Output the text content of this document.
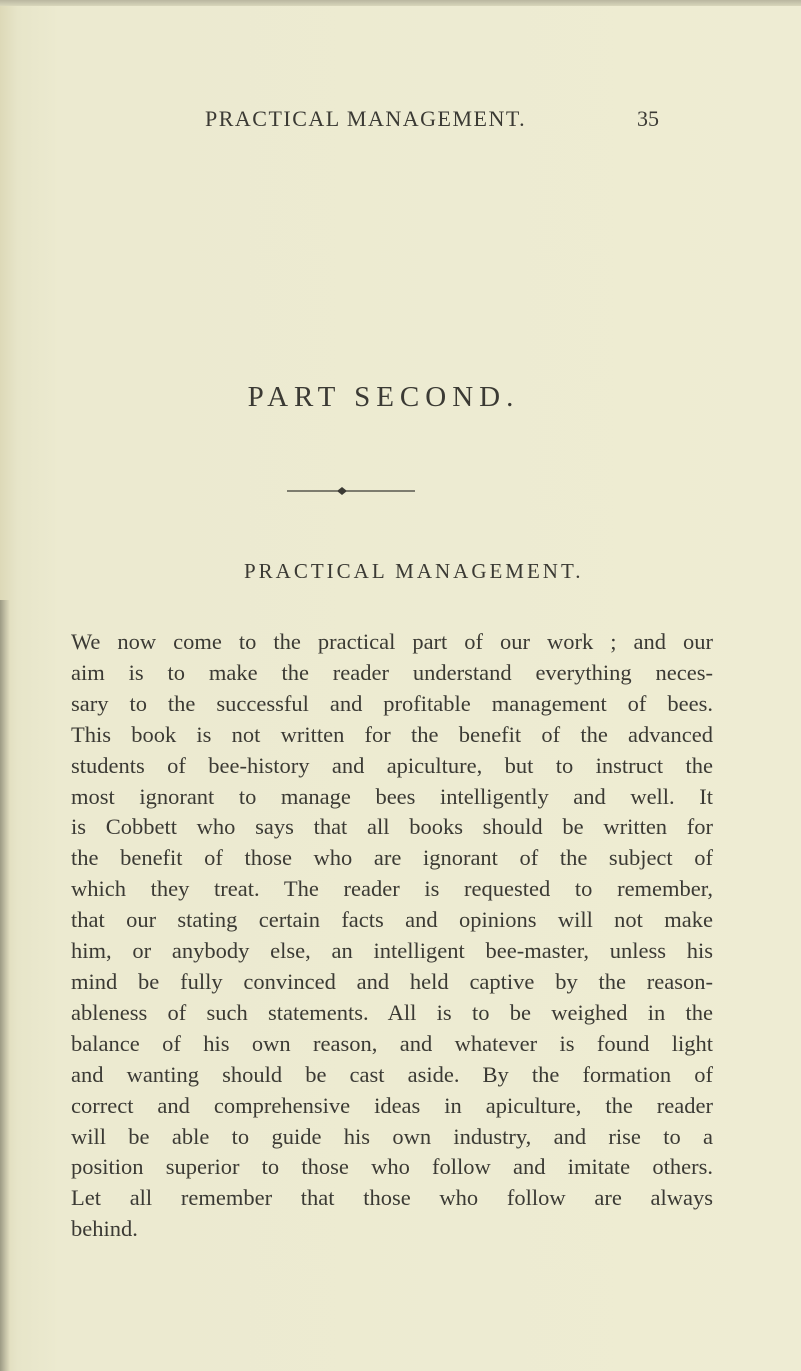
PRACTICAL MANAGEMENT.	35
PART SECOND.
PRACTICAL MANAGEMENT.
We now come to the practical part of our work ; and our
aim is to make the reader understand everything neces-
sary to the successful and profitable management of bees.
This book is not written for the benefit of the advanced
students of bee-history and apiculture, but to instruct the
most ignorant to manage bees intelligently and well. It
is Cobbett who says that all books should be written for
the benefit of those who are ignorant of the subject of
which they treat. The reader is requested to remember,
that our stating certain facts and opinions will not make
him, or anybody else, an intelligent bee-master, unless his
mind be fully convinced and held captive by the reason-
ableness of such statements. All is to be weighed in the
balance of his own reason, and whatever is found light
and wanting should be cast aside. By the formation of
correct and comprehensive ideas in apiculture, the reader
will be able to guide his own industry, and rise to a
position superior to those who follow and imitate others.
Let all remember that those who follow are always
behind.
